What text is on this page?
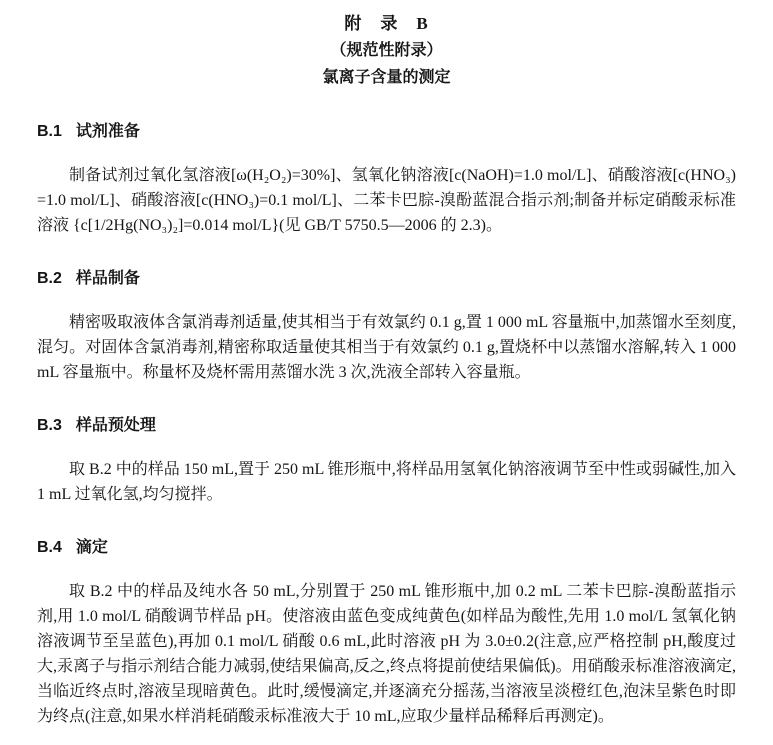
附　录　B
（规范性附录）
氯离子含量的测定
B.1 试剂准备

制备试剂过氧化氢溶液[ω(H₂O₂)=30%]、氢氧化钠溶液[c(NaOH)=1.0 mol/L]、硝酸溶液[c(HNO₃)=1.0 mol/L]、硝酸溶液[c(HNO₃)=0.1 mol/L]、二苯卡巴腙-溴酚蓝混合指示剂;制备并标定硝酸汞标准溶液 {c[1/2Hg(NO₃)₂]=0.014 mol/L}(见 GB/T 5750.5—2006 的 2.3)。

B.2 样品制备

精密吸取液体含氯消毒剂适量,使其相当于有效氯约 0.1 g,置 1 000 mL 容量瓶中,加蒸馏水至刻度,混匀。对固体含氯消毒剂,精密称取适量使其相当于有效氯约 0.1 g,置烧杯中以蒸馏水溶解,转入 1 000 mL 容量瓶中。称量杯及烧杯需用蒸馏水洗 3 次,洗液全部转入容量瓶。

B.3 样品预处理

取 B.2 中的样品 150 mL,置于 250 mL 锥形瓶中,将样品用氢氧化钠溶液调节至中性或弱碱性,加入 1 mL 过氧化氢,均匀搅拌。

B.4 滴定

取 B.2 中的样品及纯水各 50 mL,分别置于 250 mL 锥形瓶中,加 0.2 mL 二苯卡巴腙-溴酚蓝指示剂,用 1.0 mol/L 硝酸调节样品 pH。使溶液由蓝色变成纯黄色(如样品为酸性,先用 1.0 mol/L 氢氧化钠溶液调节至呈蓝色),再加 0.1 mol/L 硝酸 0.6 mL,此时溶液 pH 为 3.0±0.2(注意,应严格控制 pH,酸度过大,汞离子与指示剂结合能力减弱,使结果偏高,反之,终点将提前使结果偏低)。用硝酸汞标准溶液滴定,当临近终点时,溶液呈现暗黄色。此时,缓慢滴定,并逐滴充分摇荡,当溶液呈淡橙红色,泡沫呈紫色时即为终点(注意,如果水样消耗硝酸汞标准液大于 10 mL,应取少量样品稀释后再测定)。
